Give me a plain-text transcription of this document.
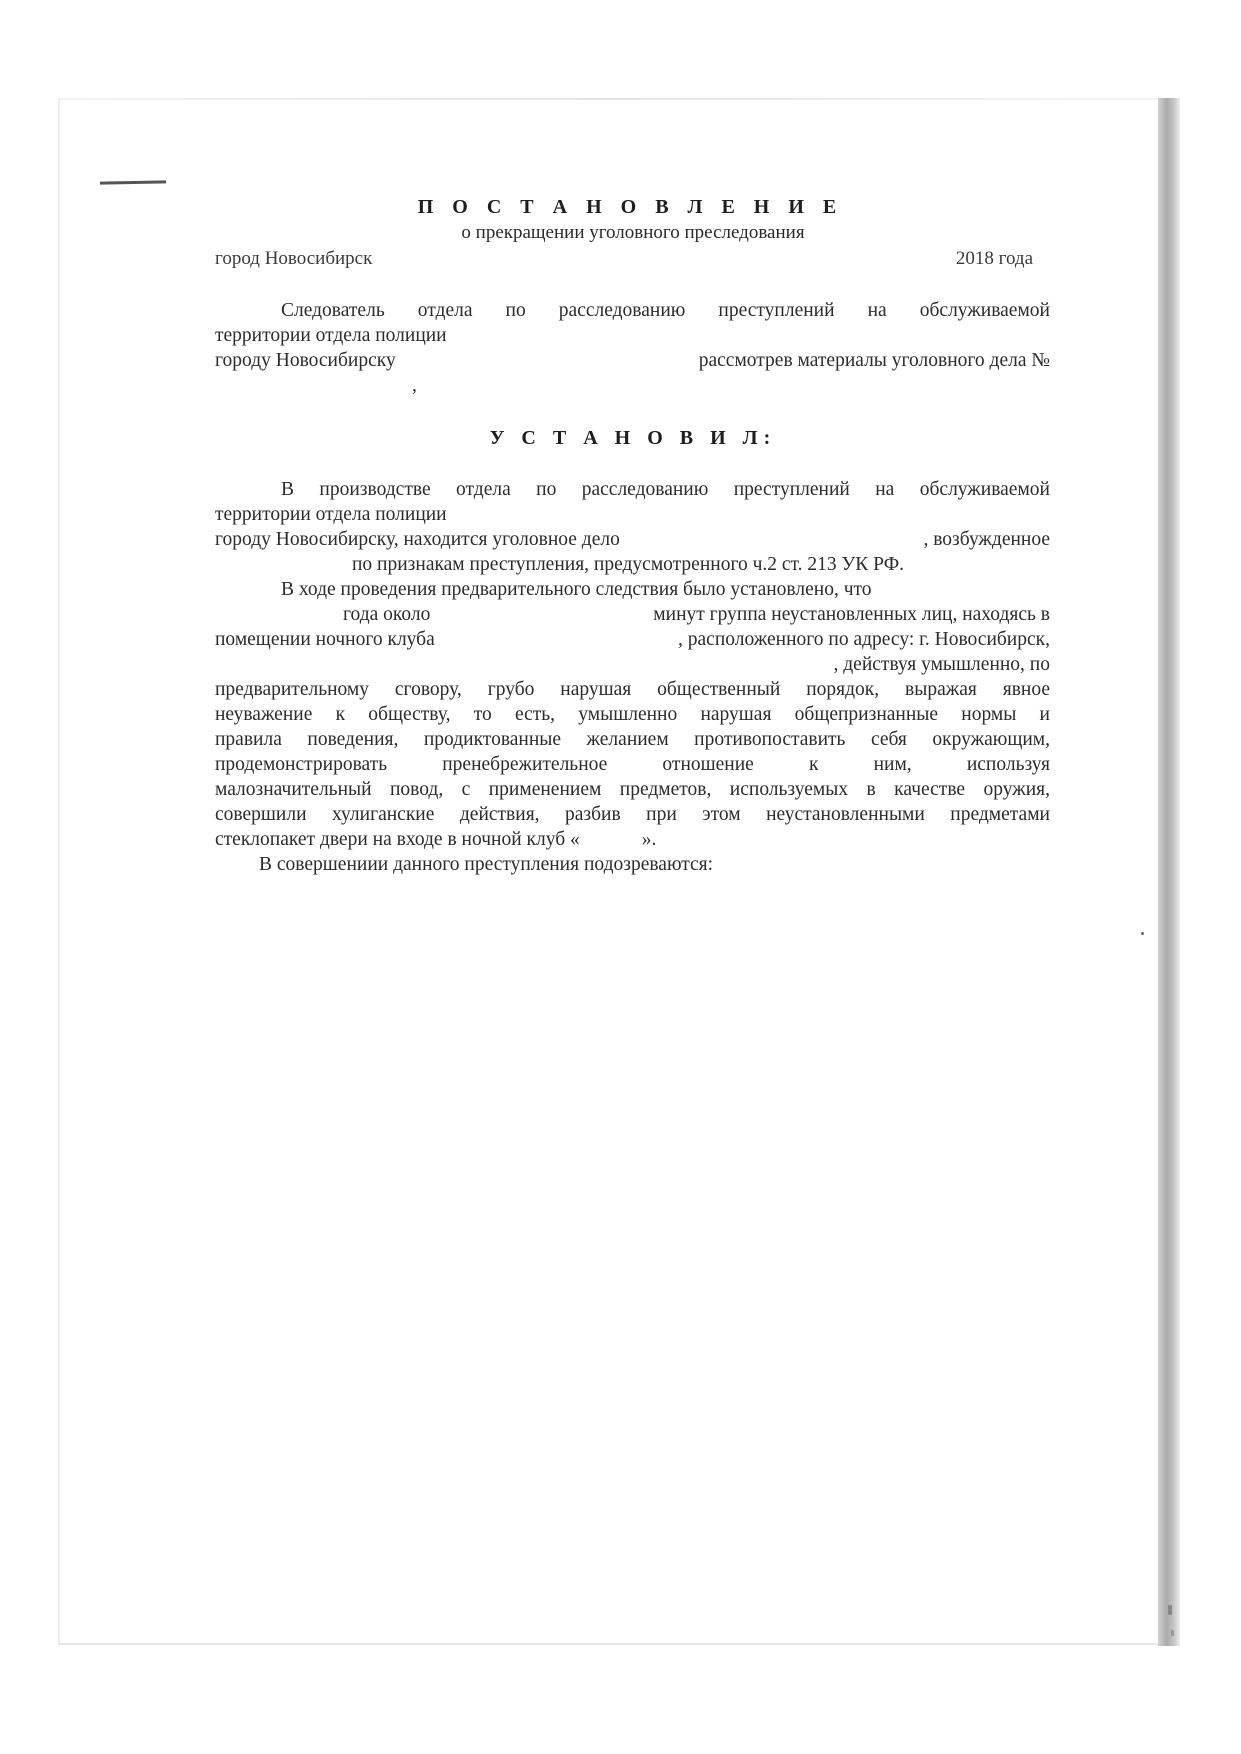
П О С Т А Н О В Л Е Н И Е
о прекращении уголовного преследования
город Новосибирск	2018 года
Следователь отдела по расследованию преступлений на обслуживаемой
территории отдела полиции
городу Новосибирску	рассмотрев материалы уголовного дела №
,
У С Т А Н О В И Л:
В производстве отдела по расследованию преступлений на обслуживаемой
территории отдела полиции
городу Новосибирску, находится уголовное дело	, возбужденное
по признакам преступления, предусмотренного ч.2 ст. 213 УК РФ.
В ходе проведения предварительного следствия было установлено, что
года около	минут группа неустановленных лиц, находясь в
помещении ночного клуба	, расположенного по адресу: г. Новосибирск,
, действуя умышленно, по
предварительному сговору, грубо нарушая общественный порядок, выражая явное
неуважение к обществу, то есть, умышленно нарушая общепризнанные нормы и
правила поведения, продиктованные желанием противопоставить себя окружающим,
продемонстрировать пренебрежительное отношение к ним, используя
малозначительный повод, с применением предметов, используемых в качестве оружия,
совершили хулиганские действия, разбив при этом неустановленными предметами
стеклопакет двери на входе в ночной клуб «	».
В совершениии данного преступления подозреваются:
